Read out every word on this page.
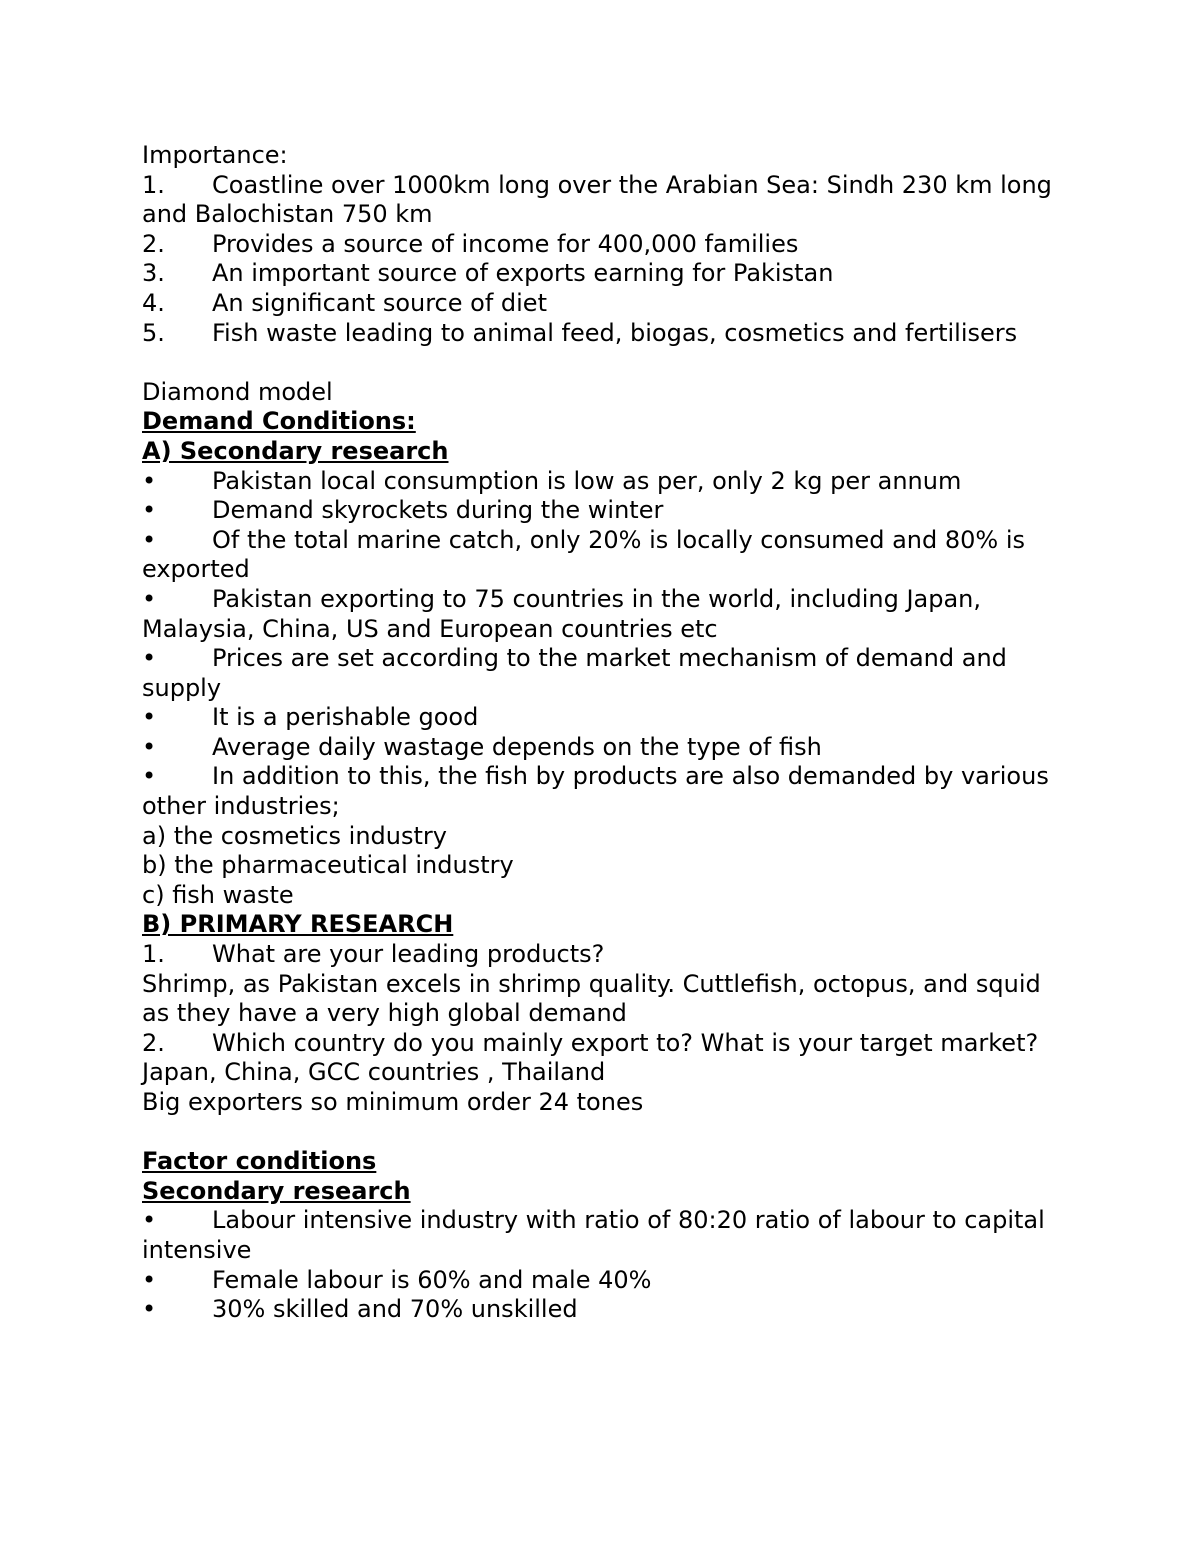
Importance:

1. Coastline over 1000km long over the Arabian Sea: Sindh 230 km long and Balochistan 750 km

2. Provides a source of income for 400,000 families

3. An important source of exports earning for Pakistan

4. An significant source of diet

5. Fish waste leading to animal feed, biogas, cosmetics and fertilisers

Diamond model

Demand Conditions:

A) Secondary research

• Pakistan local consumption is low as per, only 2 kg per annum

• Demand skyrockets during the winter

• Of the total marine catch, only 20% is locally consumed and 80% is exported

• Pakistan exporting to 75 countries in the world, including Japan, Malaysia, China, US and European countries etc

• Prices are set according to the market mechanism of demand and supply

• It is a perishable good

• Average daily wastage depends on the type of fish

• In addition to this, the fish by products are also demanded by various other industries;

a) the cosmetics industry

b) the pharmaceutical industry

c) fish waste

B) PRIMARY RESEARCH

1. What are your leading products?

Shrimp, as Pakistan excels in shrimp quality. Cuttlefish, octopus, and squid as they have a very high global demand

2. Which country do you mainly export to? What is your target market?

Japan, China, GCC countries , Thailand

Big exporters so minimum order 24 tones

Factor conditions

Secondary research

• Labour intensive industry with ratio of 80:20 ratio of labour to capital intensive

• Female labour is 60% and male 40%

• 30% skilled and 70% unskilled
